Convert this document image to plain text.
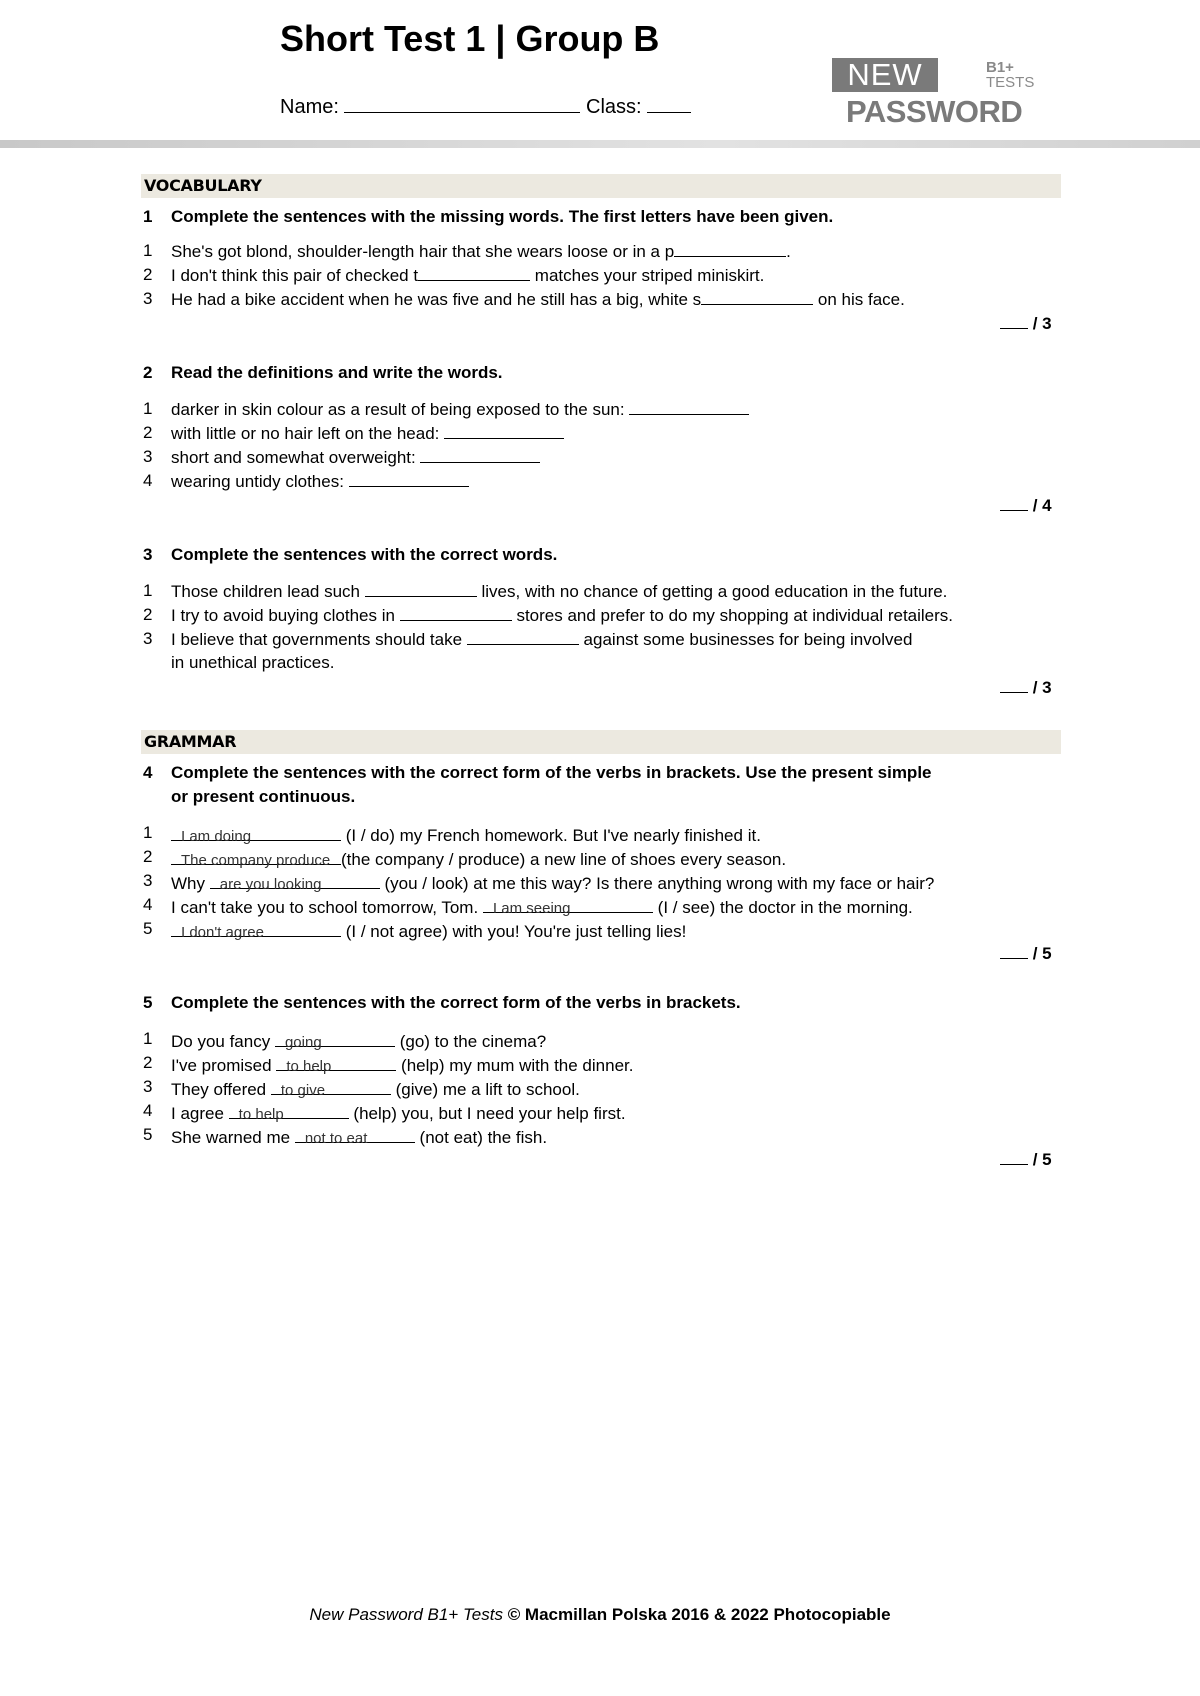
Short Test 1 | Group B
Name:	Class:
NEW	B1+
TESTS
PASSWORD
VOCABULARY
1 Complete the sentences with the missing words. The first letters have been given.
1 She's got blond, shoulder-length hair that she wears loose or in a p	.
2 I don't think this pair of checked t	matches your striped miniskirt.
3 He had a bike accident when he was five and he still has a big, white s	on his face.
/ 3
2 Read the definitions and write the words.
1 darker in skin colour as a result of being exposed to the sun:
2 with little or no hair left on the head:
3 short and somewhat overweight:
4 wearing untidy clothes:
/ 4
3 Complete the sentences with the correct words.
1 Those children lead such	lives, with no chance of getting a good education in the future.
2 I try to avoid buying clothes in	stores and prefer to do my shopping at individual retailers.
3 I believe that governments should take	against some businesses for being involved
in unethical practices.
/ 3
GRAMMAR
4 Complete the sentences with the correct form of the verbs in brackets. Use the present simple
or present continuous.
1 I am doing	(I / do) my French homework. But I've nearly finished it.
2 The company produce (the company / produce) a new line of shoes every season.
3 Why are you looking	(you / look) at me this way? Is there anything wrong with my face or hair?
4 I can't take you to school tomorrow, Tom. I am seeing	(I / see) the doctor in the morning.
5 I don't agree	(I / not agree) with you! You're just telling lies!
/ 5
5 Complete the sentences with the correct form of the verbs in brackets.
1 Do you fancy going	(go) to the cinema?
2 I've promised to help	(help) my mum with the dinner.
3 They offered to give	(give) me a lift to school.
4 I agree to help	(help) you, but I need your help first.
5 She warned me not to eat	(not eat) the fish.
/ 5
New Password B1+ Tests © Macmillan Polska 2016 & 2022 Photocopiable
